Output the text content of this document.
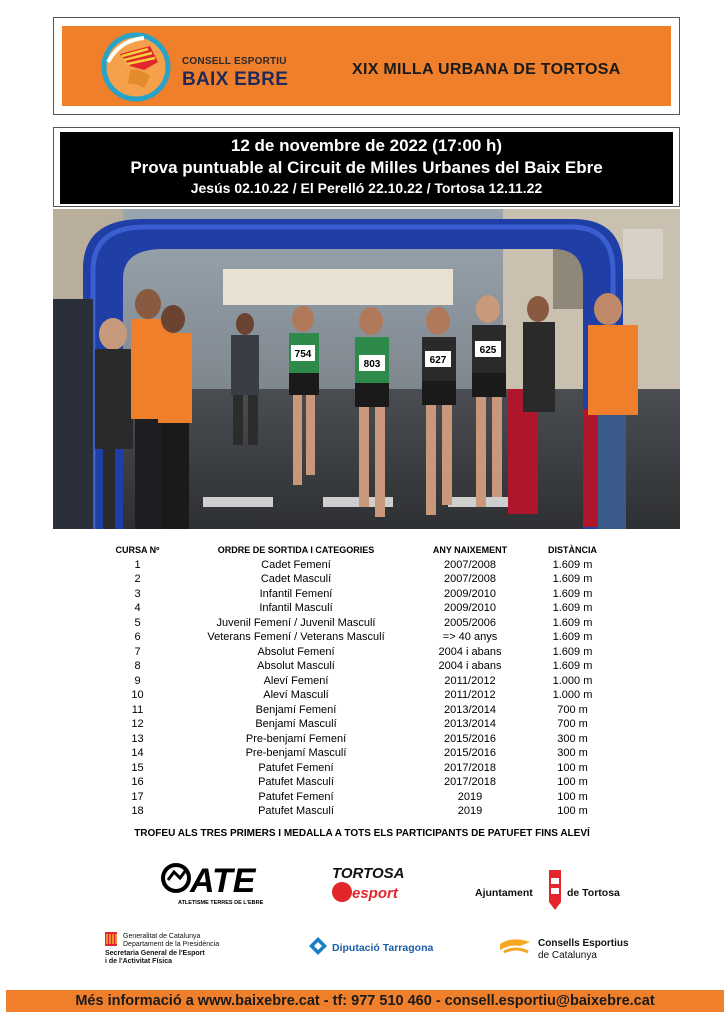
CONSELL ESPORTIU
BAIX EBRE	XIX MILLA URBANA DE TORTOSA
12 de novembre de 2022 (17:00 h)
Prova puntuable al Circuit de Milles Urbanes del Baix Ebre
Jesús 02.10.22 / El Perelló 22.10.22 / Tortosa 12.11.22
754
803	627
625
CURSA Nº	ORDRE DE SORTIDA I CATEGORIES	ANY NAIXEMENT	DISTÀNCIA
1	Cadet Femení	2007/2008	1.609 m
2	Cadet Masculí	2007/2008	1.609 m
3	Infantil Femení	2009/2010	1.609 m
4	Infantil Masculí	2009/2010	1.609 m
5	Juvenil Femení / Juvenil Masculí	2005/2006	1.609 m
6	Veterans Femení / Veterans Masculí	=> 40 anys	1.609 m
7	Absolut Femení	2004 i abans	1.609 m
8	Absolut Masculí	2004 i abans	1.609 m
9	Aleví Femení	2011/2012	1.000 m
10	Aleví Masculí	2011/2012	1.000 m
11	Benjamí Femení	2013/2014	700 m
12	Benjamí Masculí	2013/2014	700 m
13	Pre-benjamí Femení	2015/2016	300 m
14	Pre-benjamí Masculí	2015/2016	300 m
15	Patufet Femení	2017/2018	100 m
16	Patufet Masculí	2017/2018	100 m
17	Patufet Femení	2019	100 m
18	Patufet Masculí	2019	100 m
TROFEU ALS TRES PRIMERS I MEDALLA A TOTS ELS PARTICIPANTS DE PATUFET FINS ALEVÍ
ATE
ATLETISME TERRES DE L'EBRE
TORTOSA
esport	Ajuntament	de Tortosa
Generalitat de Catalunya
Departament de la Presidència
Secretaria General de l'Esport
i de l'Activitat Física
Diputació Tarragona	Consells Esportius
de Catalunya
Més informació a www.baixebre.cat - tf: 977 510 460 - consell.esportiu@baixebre.cat
